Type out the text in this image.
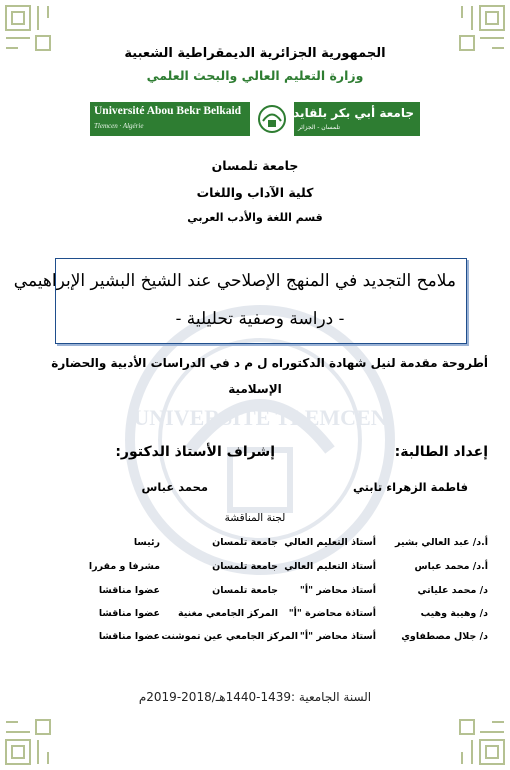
UNIVERSITE TLEMCEN
الجمهورية الجزائرية الديمقراطية الشعبية
وزارة التعليم العالي والبحث العلمي
Université Abou Bekr Belkaid
Tlemcen · Algérie
جامعة أبي بكر بلقايد
تلمسان - الجزائر
جامعة تلمسان
كلية الآداب واللغات
قسم اللغة والأدب العربي
ملامح التجديد في المنهج الإصلاحي عند الشيخ البشير الإبراهيمي
- دراسة وصفية تحليلية -
أطروحة مقدمة لنيل شهادة الدكتوراه ل م د في الدراسات الأدبية والحضارة
الإسلامية
إعداد الطالبة:
إشراف الأستاذ الدكتور:
فاطمة الزهراء تابتي
محمد عباس
لجنة المناقشة
أ.د/ عبد العالي بشير
أستاذ التعليم العالي
جامعة تلمسان
رئيسا
أ.د/ محمد عباس
أستاذ التعليم العالي
جامعة تلمسان
مشرفا و مقررا
د/ محمد علياتي
أستاذ محاضر "أ"
جامعة تلمسان
عضوا مناقشا
د/ وهيبة وهيب
أستاذة محاضرة "أ"
المركز الجامعي مغنية
عضوا مناقشا
د/ جلال مصطفاوي
أستاذ محاضر "أ"
المركز الجامعي عين تموشنت
عضوا مناقشا
السنة الجامعية :1439-1440هـ/2018-2019م
